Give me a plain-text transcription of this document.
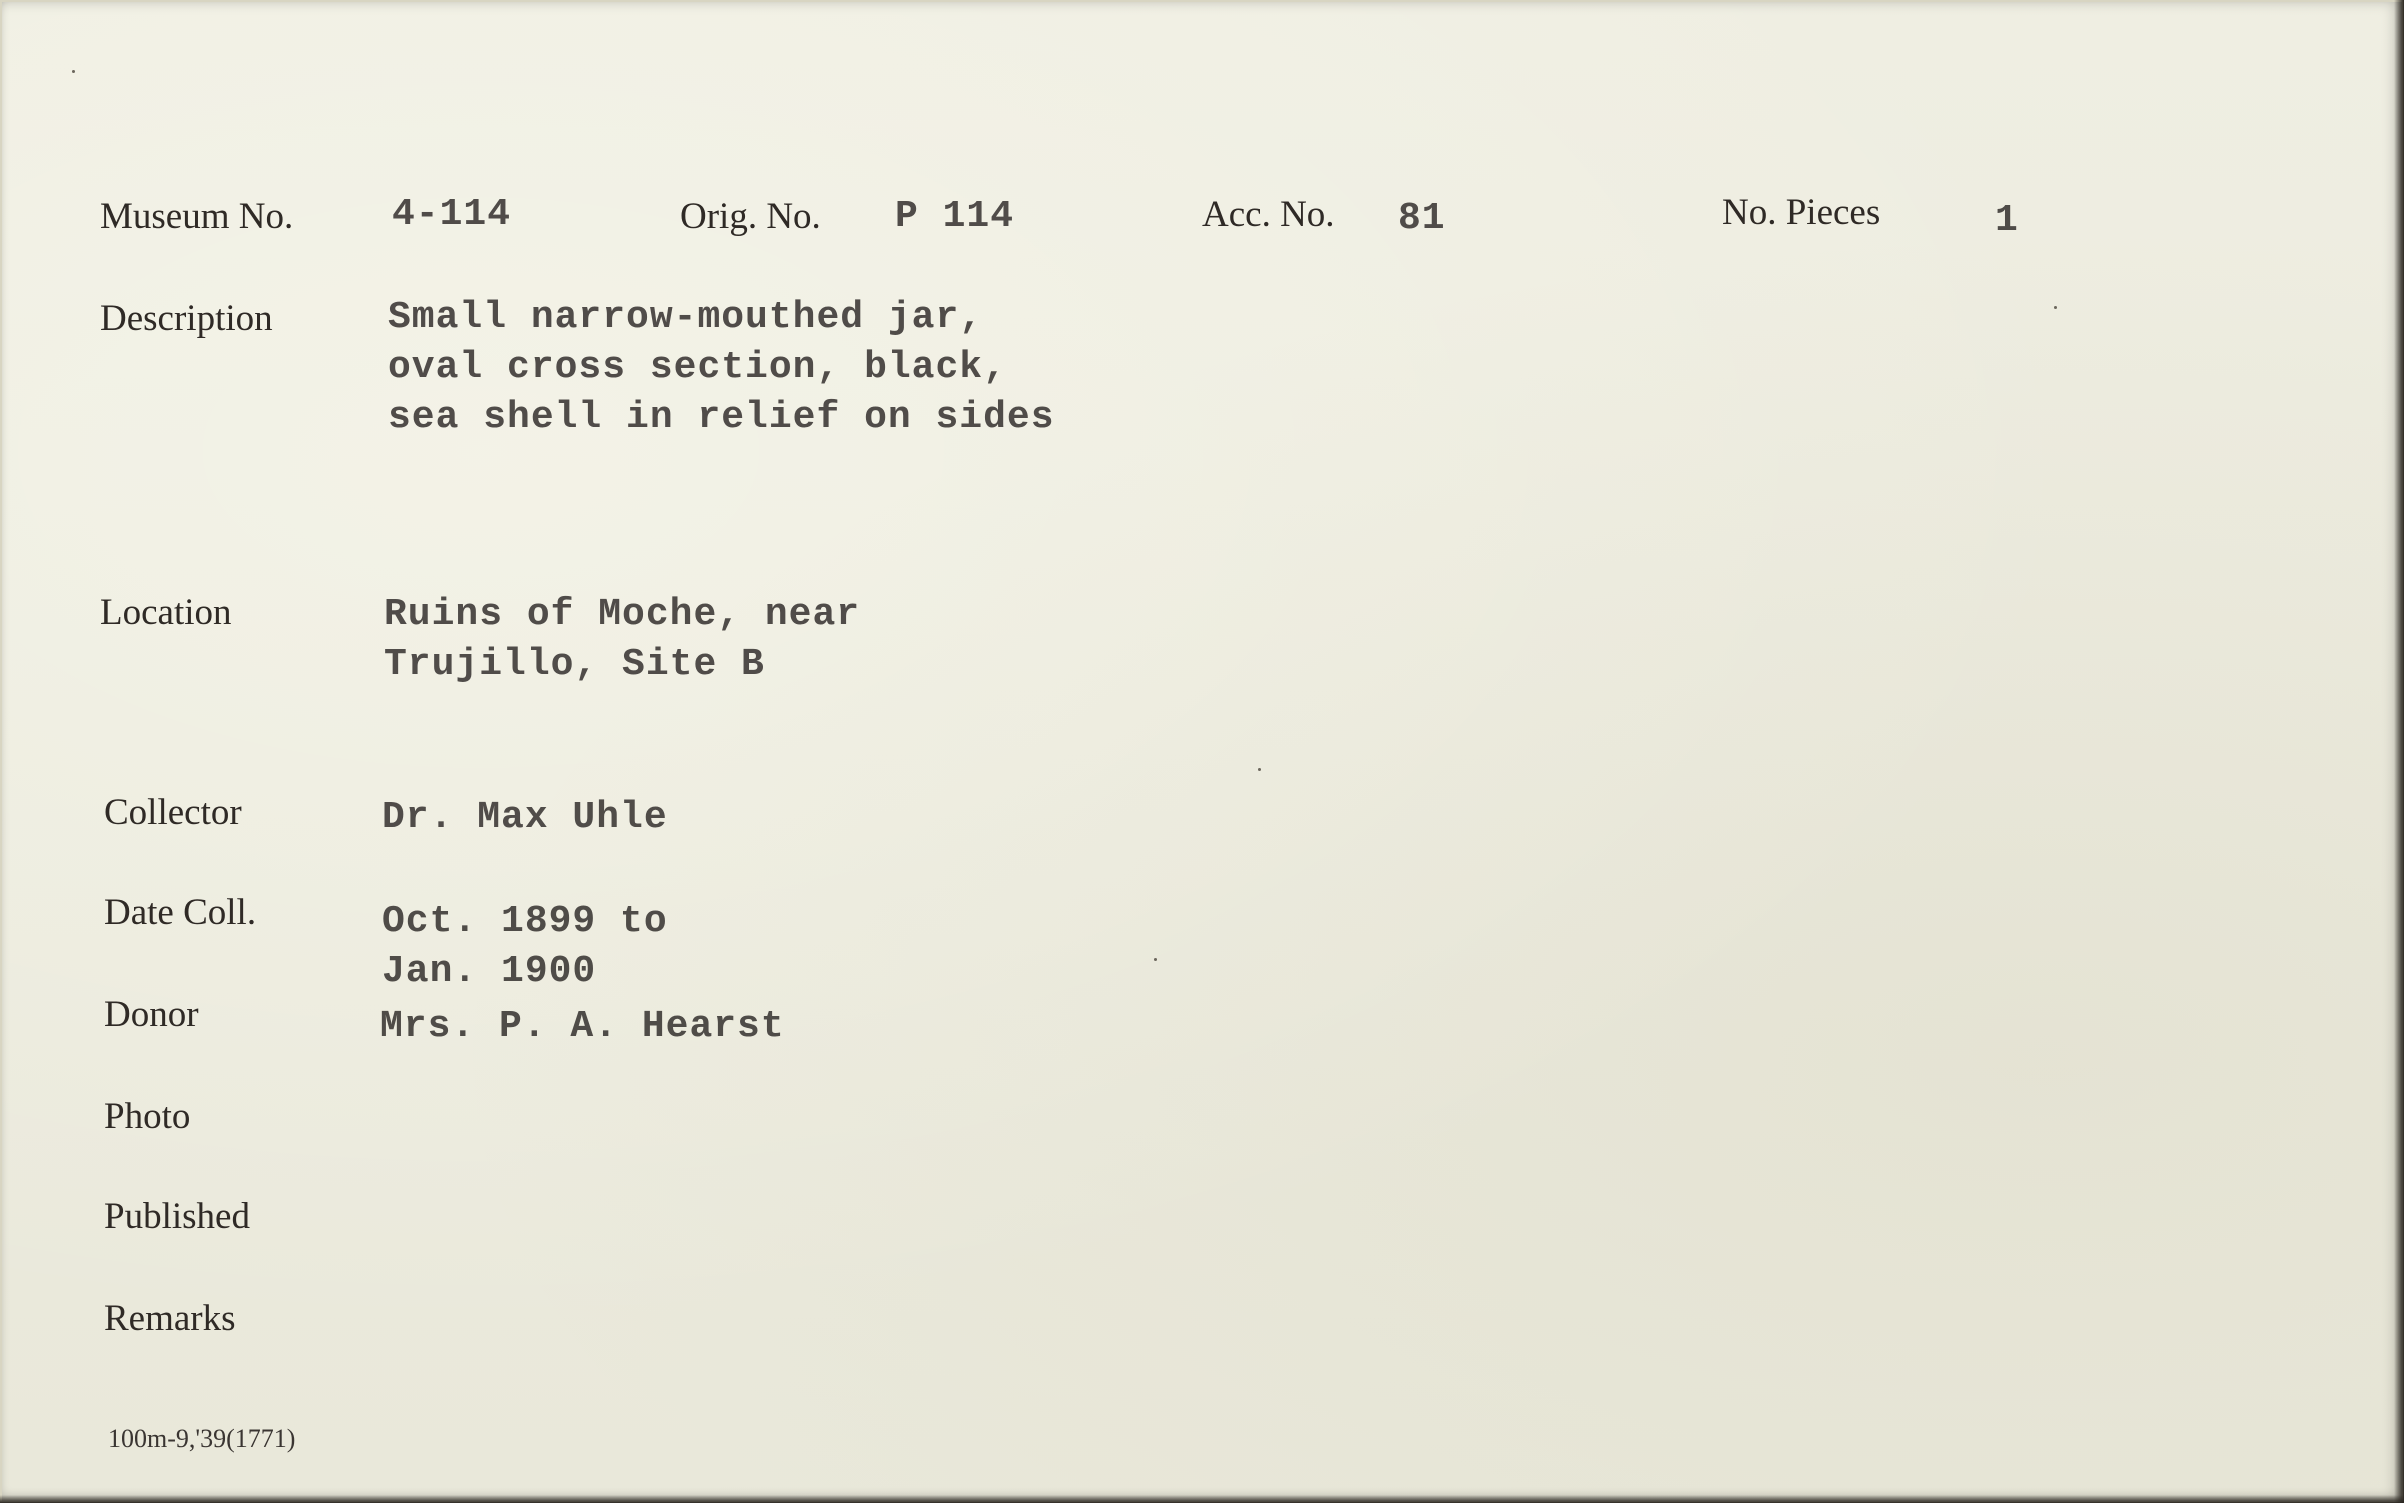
Museum No.	4-114	Orig. No. P 114	Acc. No. 81	No. Pieces	1
Description	Small narrow-mouthed jar,
oval cross section, black,
sea shell in relief on sides
Location	Ruins of Moche, near
Trujillo, Site B
Collector	Dr. Max Uhle
Date Coll.	Oct. 1899 to
Jan. 1900
Donor	Mrs. P. A. Hearst
Photo
Published
Remarks
100m-9,'39(1771)
